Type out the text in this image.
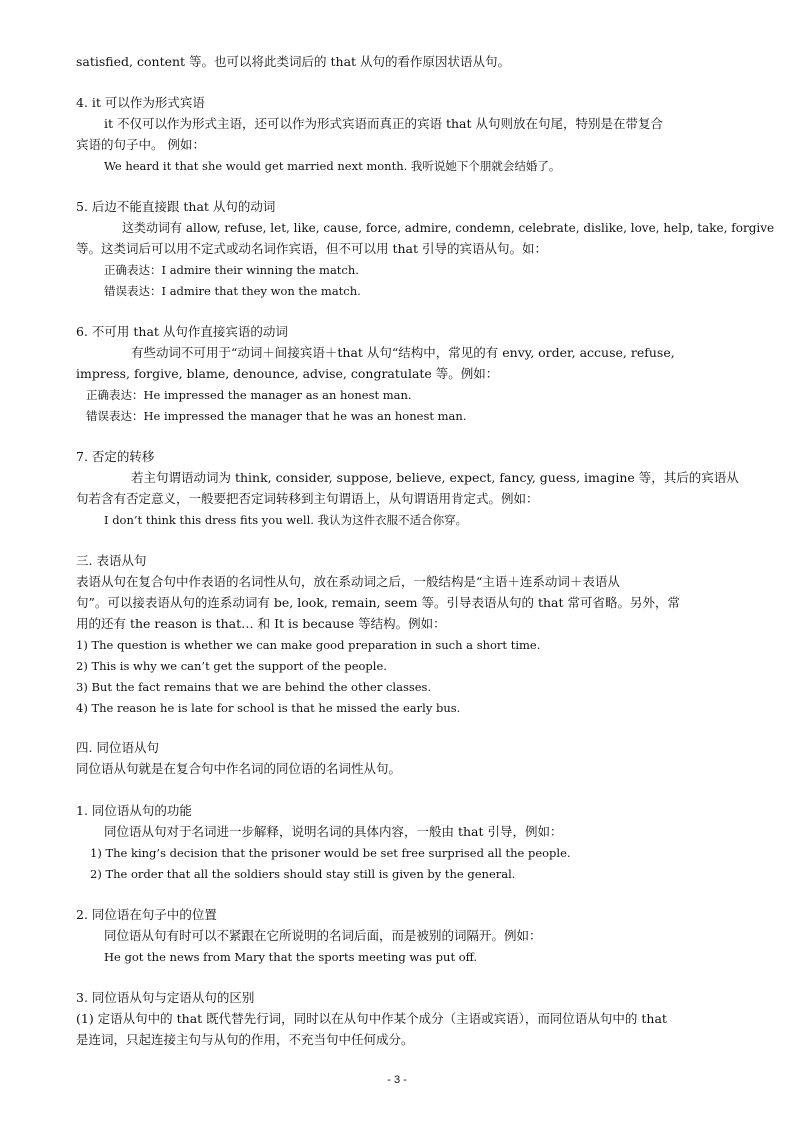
satisfied, content 等。也可以将此类词后的 that 从句的看作原因状语从句。
4. it 可以作为形式宾语
it 不仅可以作为形式主语，还可以作为形式宾语而真正的宾语 that 从句则放在句尾，特别是在带复合
宾语的句子中。 例如：
We heard it that she would get married next month. 我听说她下个朋就会结婚了。
5. 后边不能直接跟 that 从句的动词
这类动词有 allow, refuse, let, like, cause, force, admire, condemn, celebrate, dislike, love, help, take, forgive
等。这类词后可以用不定式或动名词作宾语，但不可以用 that 引导的宾语从句。如：
正确表达：I admire their winning the match.
错误表达：I admire that they won the match.
6. 不可用 that 从句作直接宾语的动词
有些动词不可用于“动词＋间接宾语＋that 从句“结构中，常见的有 envy, order, accuse, refuse,
impress, forgive, blame, denounce, advise, congratulate 等。例如：
正确表达：He impressed the manager as an honest man.
错误表达：He impressed the manager that he was an honest man.
7. 否定的转移
若主句谓语动词为 think, consider, suppose, believe, expect, fancy, guess, imagine 等，其后的宾语从
句若含有否定意义，一般要把否定词转移到主句谓语上，从句谓语用肯定式。例如：
I don’t think this dress fits you well. 我认为这件衣服不适合你穿。
三. 表语从句
表语从句在复合句中作表语的名词性从句，放在系动词之后，一般结构是“主语＋连系动词＋表语从
句”。可以接表语从句的连系动词有 be, look, remain, seem 等。引导表语从句的 that 常可省略。另外，常
用的还有 the reason is that… 和 It is because 等结构。例如：
1) The question is whether we can make good preparation in such a short time.
2) This is why we can’t get the support of the people.
3) But the fact remains that we are behind the other classes.
4) The reason he is late for school is that he missed the early bus.
四. 同位语从句
同位语从句就是在复合句中作名词的同位语的名词性从句。
1. 同位语从句的功能
同位语从句对于名词进一步解释，说明名词的具体内容，一般由 that 引导，例如：
1) The king’s decision that the prisoner would be set free surprised all the people.
2) The order that all the soldiers should stay still is given by the general.
2. 同位语在句子中的位置
同位语从句有时可以不紧跟在它所说明的名词后面，而是被别的词隔开。例如：
He got the news from Mary that the sports meeting was put off.
3. 同位语从句与定语从句的区别
(1) 定语从句中的 that 既代替先行词，同时以在从句中作某个成分（主语或宾语），而同位语从句中的 that
是连词，只起连接主句与从句的作用，不充当句中任何成分。
- 3 -
